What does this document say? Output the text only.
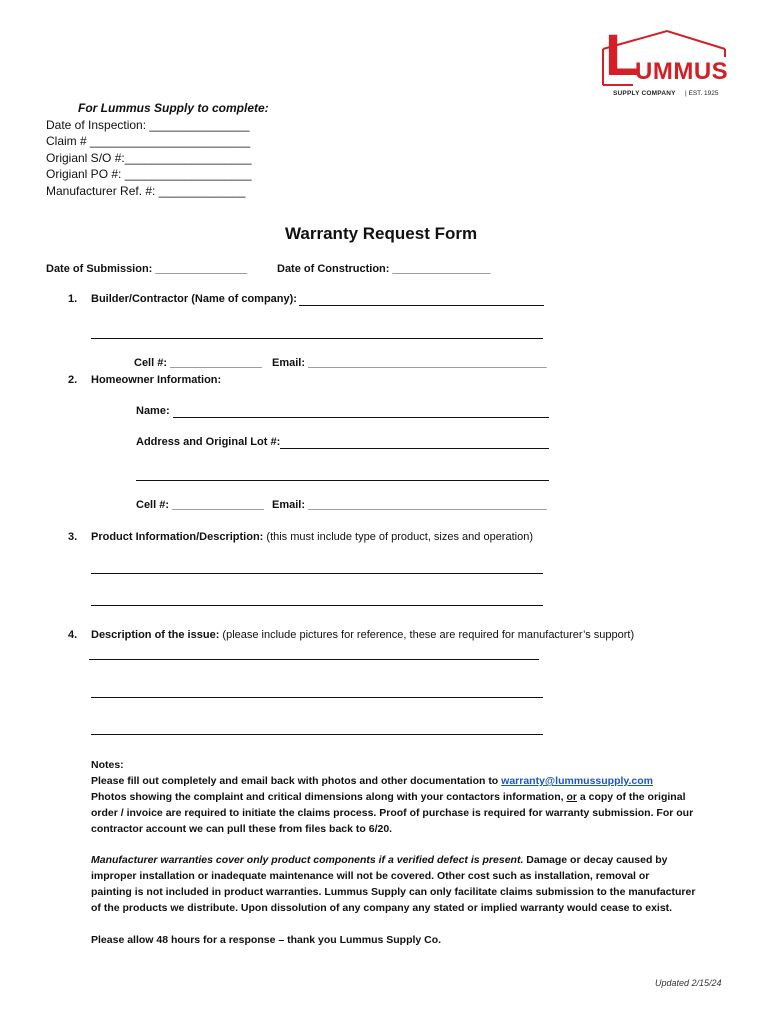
L
UMMUS
SUPPLY COMPANY | EST. 1925
For Lummus Supply to complete:
Date of Inspection: _______________
Claim # ________________________
Origianl S/O #:___________________
Origianl PO #: ___________________
Manufacturer Ref. #: _____________
Warranty Request Form
Date of Submission: _______________	Date of Construction: ________________
1. Builder/Contractor (Name of company):
Cell #: _______________ Email: _______________________________________
2. Homeowner Information:
Name:
Address and Original Lot #:
Cell #: _______________ Email: _______________________________________
3. Product Information/Description: (this must include type of product, sizes and operation)
4. Description of the issue: (please include pictures for reference, these are required for manufacturer’s support)
Notes:
Please fill out completely and email back with photos and other documentation to warranty@lummussupply.com
Photos showing the complaint and critical dimensions along with your contactors information, or a copy of the original
order / invoice are required to initiate the claims process. Proof of purchase is required for warranty submission. For our
contractor account we can pull these from files back to 6/20.
Manufacturer warranties cover only product components if a verified defect is present. Damage or decay caused by
improper installation or inadequate maintenance will not be covered. Other cost such as installation, removal or
painting is not included in product warranties. Lummus Supply can only facilitate claims submission to the manufacturer
of the products we distribute. Upon dissolution of any company any stated or implied warranty would cease to exist.
Please allow 48 hours for a response – thank you Lummus Supply Co.
Updated 2/15/24
